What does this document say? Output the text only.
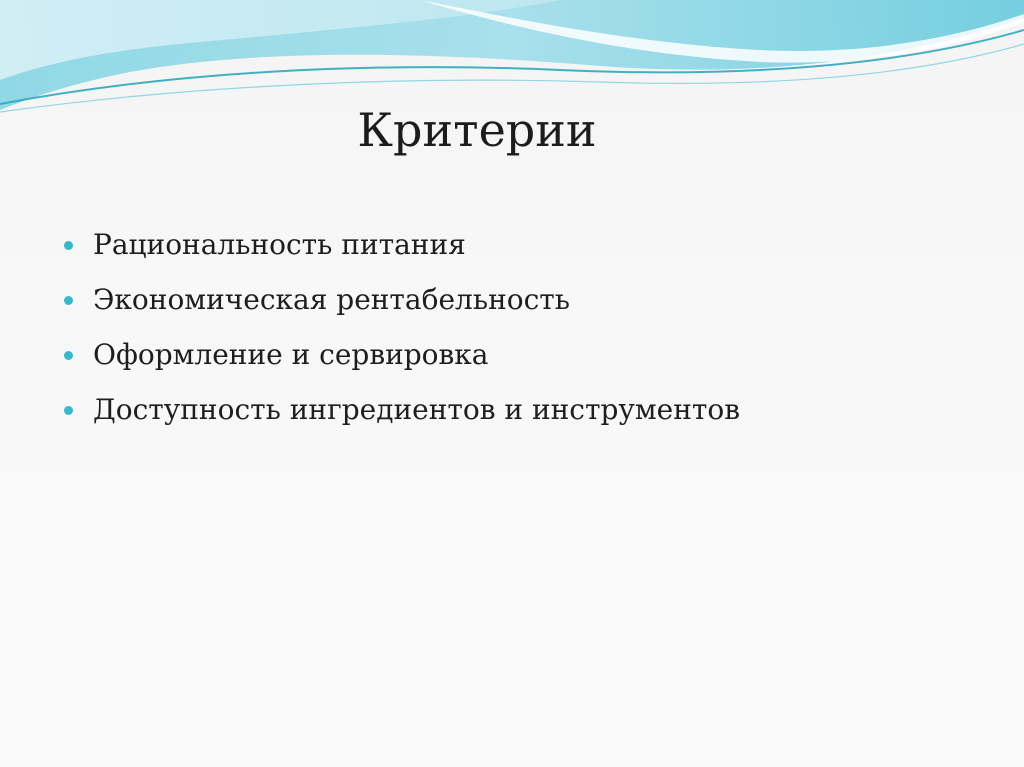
Критерии
Рациональность питания
Экономическая рентабельность
Оформление и сервировка
Доступность ингредиентов и инструментов
